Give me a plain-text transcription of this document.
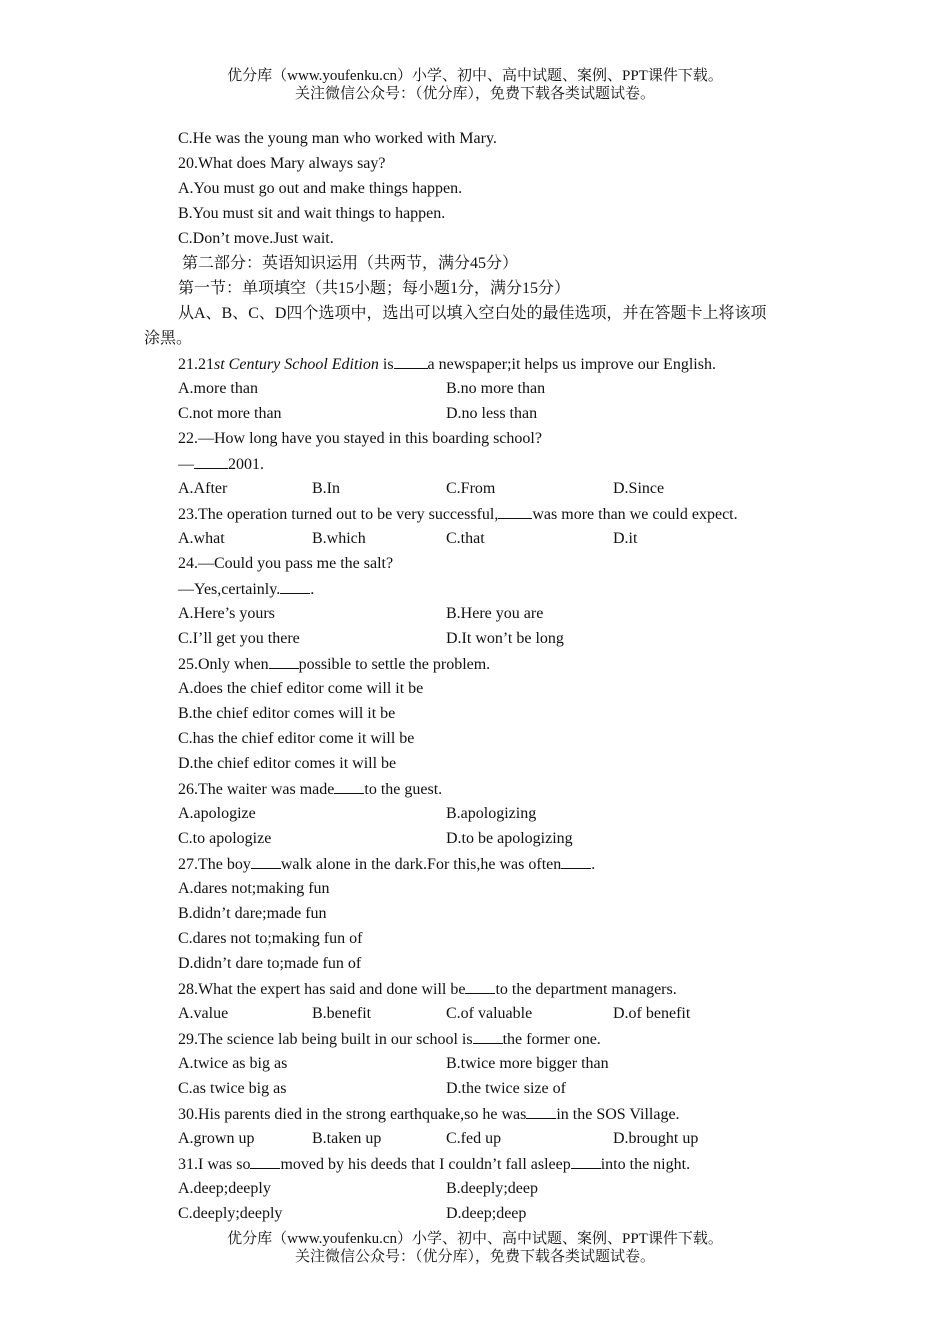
优分库（www.youfenku.cn）小学、初中、高中试题、案例、PPT课件下载。
关注微信公众号：（优分库），免费下载各类试题试卷。
C.He was the young man who worked with Mary.
20.What does Mary always say?
A.You must go out and make things happen.
B.You must sit and wait things to happen.
C.Don’t move.Just wait.
第二部分：英语知识运用（共两节，满分45分）
第一节：单项填空（共15小题；每小题1分，满分15分）
从A、B、C、D四个选项中，选出可以填入空白处的最佳选项，并在答题卡上将该项
涂黑。
21.21st Century School Edition is a newspaper;it helps us improve our English.
A.more than	B.no more than
C.not more than	D.no less than
22.—How long have you stayed in this boarding school?
— 2001.
A.After	B.In	C.From	D.Since
23.The operation turned out to be very successful, was more than we could expect.
A.what	B.which	C.that	D.it
24.—Could you pass me the salt?
—Yes,certainly. .
A.Here’s yours	B.Here you are
C.I’ll get you there	D.It won’t be long
25.Only when possible to settle the problem.
A.does the chief editor come will it be
B.the chief editor comes will it be
C.has the chief editor come it will be
D.the chief editor comes it will be
26.The waiter was made to the guest.
A.apologize	B.apologizing
C.to apologize	D.to be apologizing
27.The boy walk alone in the dark.For this,he was often .
A.dares not;making fun
B.didn’t dare;made fun
C.dares not to;making fun of
D.didn’t dare to;made fun of
28.What the expert has said and done will be to the department managers.
A.value	B.benefit	C.of valuable	D.of benefit
29.The science lab being built in our school is the former one.
A.twice as big as	B.twice more bigger than
C.as twice big as	D.the twice size of
30.His parents died in the strong earthquake,so he was in the SOS Village.
A.grown up	B.taken up	C.fed up	D.brought up
31.I was so moved by his deeds that I couldn’t fall asleep into the night.
A.deep;deeply	B.deeply;deep
C.deeply;deeply	D.deep;deep
优分库（www.youfenku.cn）小学、初中、高中试题、案例、PPT课件下载。
关注微信公众号：（优分库），免费下载各类试题试卷。
